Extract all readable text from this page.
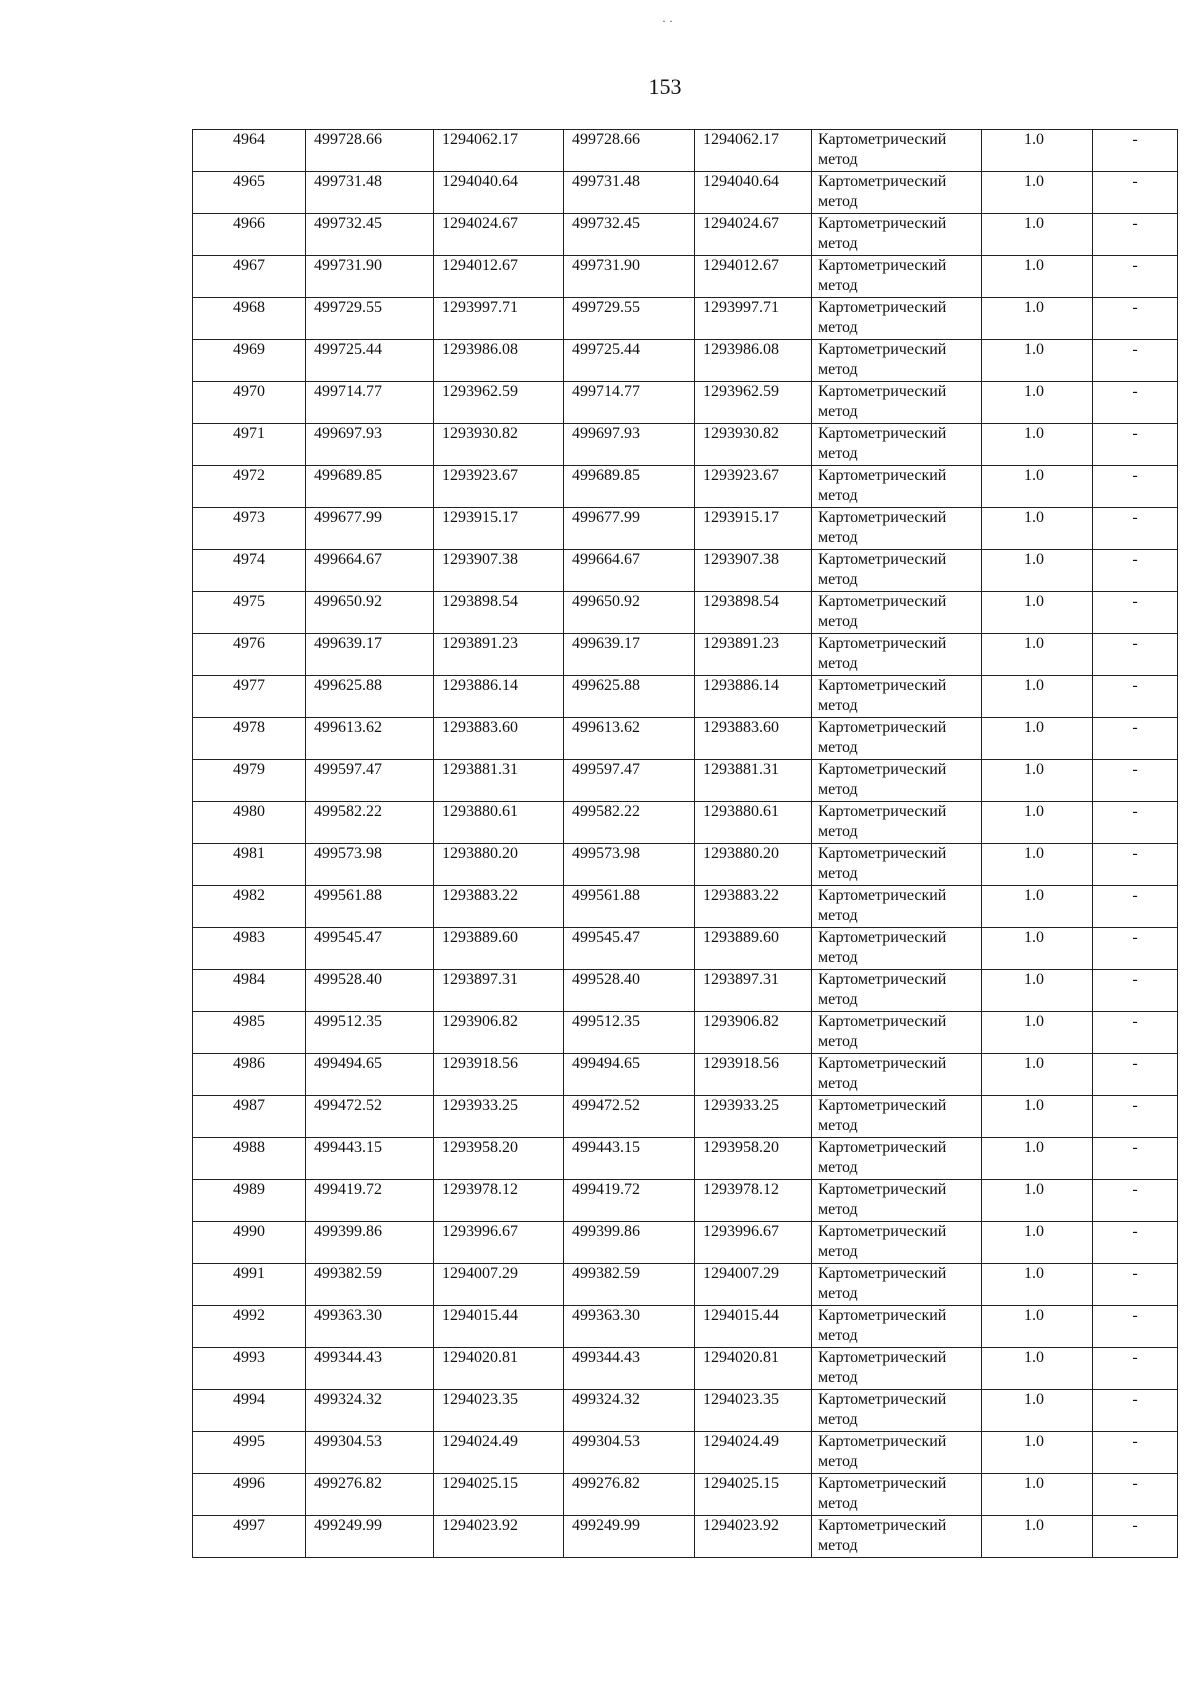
153
4964	499728.66	1294062.17	499728.66	1294062.17	Картометрический метод	1.0	-
4965	499731.48	1294040.64	499731.48	1294040.64	Картометрический метод	1.0	-
4966	499732.45	1294024.67	499732.45	1294024.67	Картометрический метод	1.0	-
4967	499731.90	1294012.67	499731.90	1294012.67	Картометрический метод	1.0	-
4968	499729.55	1293997.71	499729.55	1293997.71	Картометрический метод	1.0	-
4969	499725.44	1293986.08	499725.44	1293986.08	Картометрический метод	1.0	-
4970	499714.77	1293962.59	499714.77	1293962.59	Картометрический метод	1.0	-
4971	499697.93	1293930.82	499697.93	1293930.82	Картометрический метод	1.0	-
4972	499689.85	1293923.67	499689.85	1293923.67	Картометрический метод	1.0	-
4973	499677.99	1293915.17	499677.99	1293915.17	Картометрический метод	1.0	-
4974	499664.67	1293907.38	499664.67	1293907.38	Картометрический метод	1.0	-
4975	499650.92	1293898.54	499650.92	1293898.54	Картометрический метод	1.0	-
4976	499639.17	1293891.23	499639.17	1293891.23	Картометрический метод	1.0	-
4977	499625.88	1293886.14	499625.88	1293886.14	Картометрический метод	1.0	-
4978	499613.62	1293883.60	499613.62	1293883.60	Картометрический метод	1.0	-
4979	499597.47	1293881.31	499597.47	1293881.31	Картометрический метод	1.0	-
4980	499582.22	1293880.61	499582.22	1293880.61	Картометрический метод	1.0	-
4981	499573.98	1293880.20	499573.98	1293880.20	Картометрический метод	1.0	-
4982	499561.88	1293883.22	499561.88	1293883.22	Картометрический метод	1.0	-
4983	499545.47	1293889.60	499545.47	1293889.60	Картометрический метод	1.0	-
4984	499528.40	1293897.31	499528.40	1293897.31	Картометрический метод	1.0	-
4985	499512.35	1293906.82	499512.35	1293906.82	Картометрический метод	1.0	-
4986	499494.65	1293918.56	499494.65	1293918.56	Картометрический метод	1.0	-
4987	499472.52	1293933.25	499472.52	1293933.25	Картометрический метод	1.0	-
4988	499443.15	1293958.20	499443.15	1293958.20	Картометрический метод	1.0	-
4989	499419.72	1293978.12	499419.72	1293978.12	Картометрический метод	1.0	-
4990	499399.86	1293996.67	499399.86	1293996.67	Картометрический метод	1.0	-
4991	499382.59	1294007.29	499382.59	1294007.29	Картометрический метод	1.0	-
4992	499363.30	1294015.44	499363.30	1294015.44	Картометрический метод	1.0	-
4993	499344.43	1294020.81	499344.43	1294020.81	Картометрический метод	1.0	-
4994	499324.32	1294023.35	499324.32	1294023.35	Картометрический метод	1.0	-
4995	499304.53	1294024.49	499304.53	1294024.49	Картометрический метод	1.0	-
4996	499276.82	1294025.15	499276.82	1294025.15	Картометрический метод	1.0	-
4997	499249.99	1294023.92	499249.99	1294023.92	Картометрический метод	1.0	-
· ·
